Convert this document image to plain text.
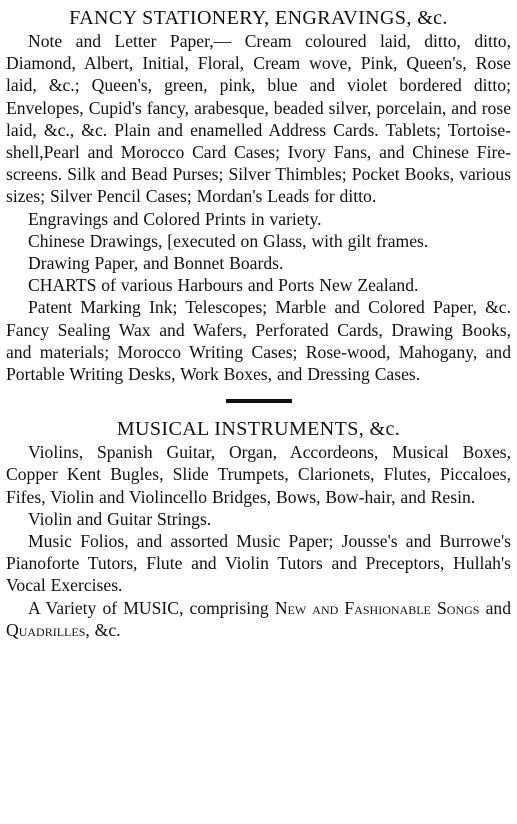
FANCY STATIONERY, ENGRAVINGS, &c.

Note and Letter Paper,— Cream coloured laid, ditto, ditto, Diamond, Albert, Initial, Floral, Cream wove, Pink, Queen's, Rose laid, &c.; Queen's, green, pink, blue and violet bordered ditto; Envelopes, Cupid's fancy, arabesque, beaded silver, porcelain, and rose laid, &c., &c. Plain and enamelled Address Cards. Tablets; Tortoise-shell,Pearl and Morocco Card Cases; Ivory Fans, and Chinese Fire-screens. Silk and Bead Purses; Silver Thimbles; Pocket Books, various sizes; Silver Pencil Cases; Mordan's Leads for ditto.

Engravings and Colored Prints in variety.

Chinese Drawings, [executed on Glass, with gilt frames.

Drawing Paper, and Bonnet Boards.

CHARTS of various Harbours and Ports New Zealand.

Patent Marking Ink; Telescopes; Marble and Colored Paper, &c. Fancy Sealing Wax and Wafers, Perforated Cards, Drawing Books, and materials; Morocco Writing Cases; Rose-wood, Mahogany, and Portable Writing Desks, Work Boxes, and Dressing Cases.

MUSICAL INSTRUMENTS, &c.

Violins, Spanish Guitar, Organ, Accordeons, Musical Boxes, Copper Kent Bugles, Slide Trumpets, Clarionets, Flutes, Piccaloes, Fifes, Violin and Violincello Bridges, Bows, Bow-hair, and Resin.

Violin and Guitar Strings.

Music Folios, and assorted Music Paper; Jousse's and Burrowe's Pianoforte Tutors, Flute and Violin Tutors and Preceptors, Hullah's Vocal Exercises.

A Variety of MUSIC, comprising New and Fashionable Songs and Quadrilles, &c.
